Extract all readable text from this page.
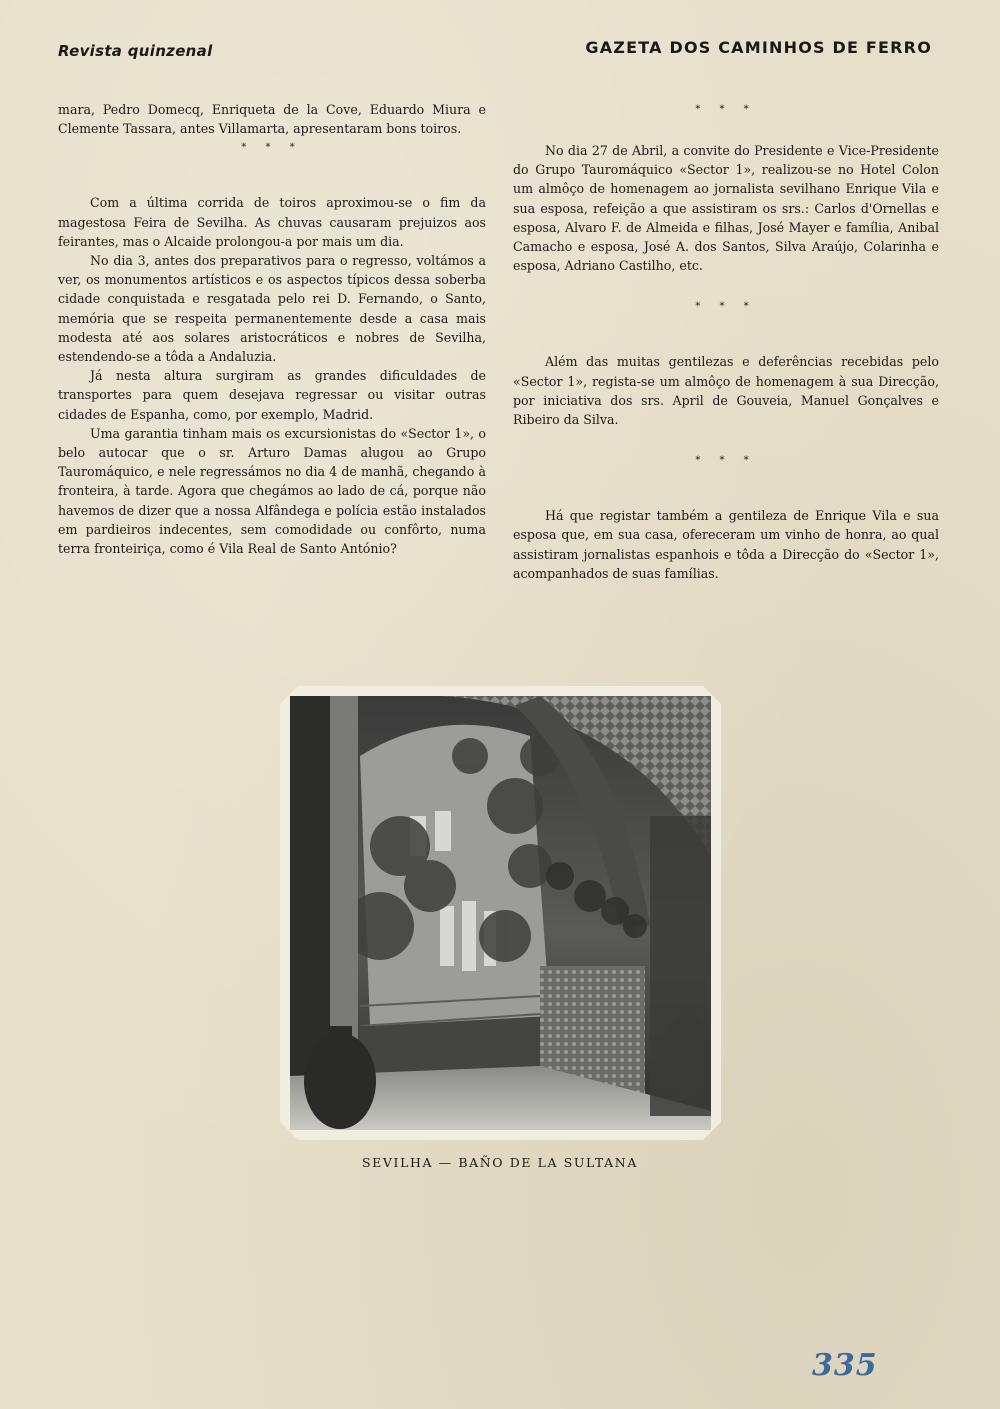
Revista quinzenal	GAZETA DOS CAMINHOS DE FERRO

mara, Pedro Domecq, Enriqueta de la Cove, Eduardo Miura e Clemente Tassara, antes Villamarta, apresentaram bons toiros.

* * *

Com a última corrida de toiros aproximou-se o fim da magestosa Feira de Sevilha. As chuvas causaram prejuizos aos feirantes, mas o Alcaide prolongou-a por mais um dia.

No dia 3, antes dos preparativos para o regresso, voltámos a ver, os monumentos artísticos e os aspectos típicos dessa soberba cidade conquistada e resgatada pelo rei D. Fernando, o Santo, memória que se respeita permanentemente desde a casa mais modesta até aos solares aristocráticos e nobres de Sevilha, estendendo-se a tôda a Andaluzia.

Já nesta altura surgiram as grandes dificuldades de transportes para quem desejava regressar ou visitar outras cidades de Espanha, como, por exemplo, Madrid.

Uma garantia tinham mais os excursionistas do «Sector 1», o belo autocar que o sr. Arturo Damas alugou ao Grupo Tauromáquico, e nele regressámos no dia 4 de manhã, chegando à fronteira, à tarde. Agora que chegámos ao lado de cá, porque não havemos de dizer que a nossa Alfândega e polícia estão instalados em pardieiros indecentes, sem comodidade ou confôrto, numa terra fronteiriça, como é Vila Real de Santo António?

* * *

No dia 27 de Abril, a convite do Presidente e Vice-Presidente do Grupo Tauromáquico «Sector 1», realizou-se no Hotel Colon um almôço de homenagem ao jornalista sevilhano Enrique Vila e sua esposa, refeição a que assistiram os srs.: Carlos d'Ornellas e esposa, Alvaro F. de Almeida e filhas, José Mayer e família, Anibal Camacho e esposa, José A. dos Santos, Silva Araújo, Colarinha e esposa, Adriano Castilho, etc.

* * *

Além das muitas gentilezas e deferências recebidas pelo «Sector 1», regista-se um almôço de homenagem à sua Direcção, por iniciativa dos srs. April de Gouveia, Manuel Gonçalves e Ribeiro da Silva.

* * *

Há que registar também a gentileza de Enrique Vila e sua esposa que, em sua casa, ofereceram um vinho de honra, ao qual assistiram jornalistas espanhois e tôda a Direcção do «Sector 1», acompanhados de suas famílias.

SEVILHA — BAÑO DE LA SULTANA
335
